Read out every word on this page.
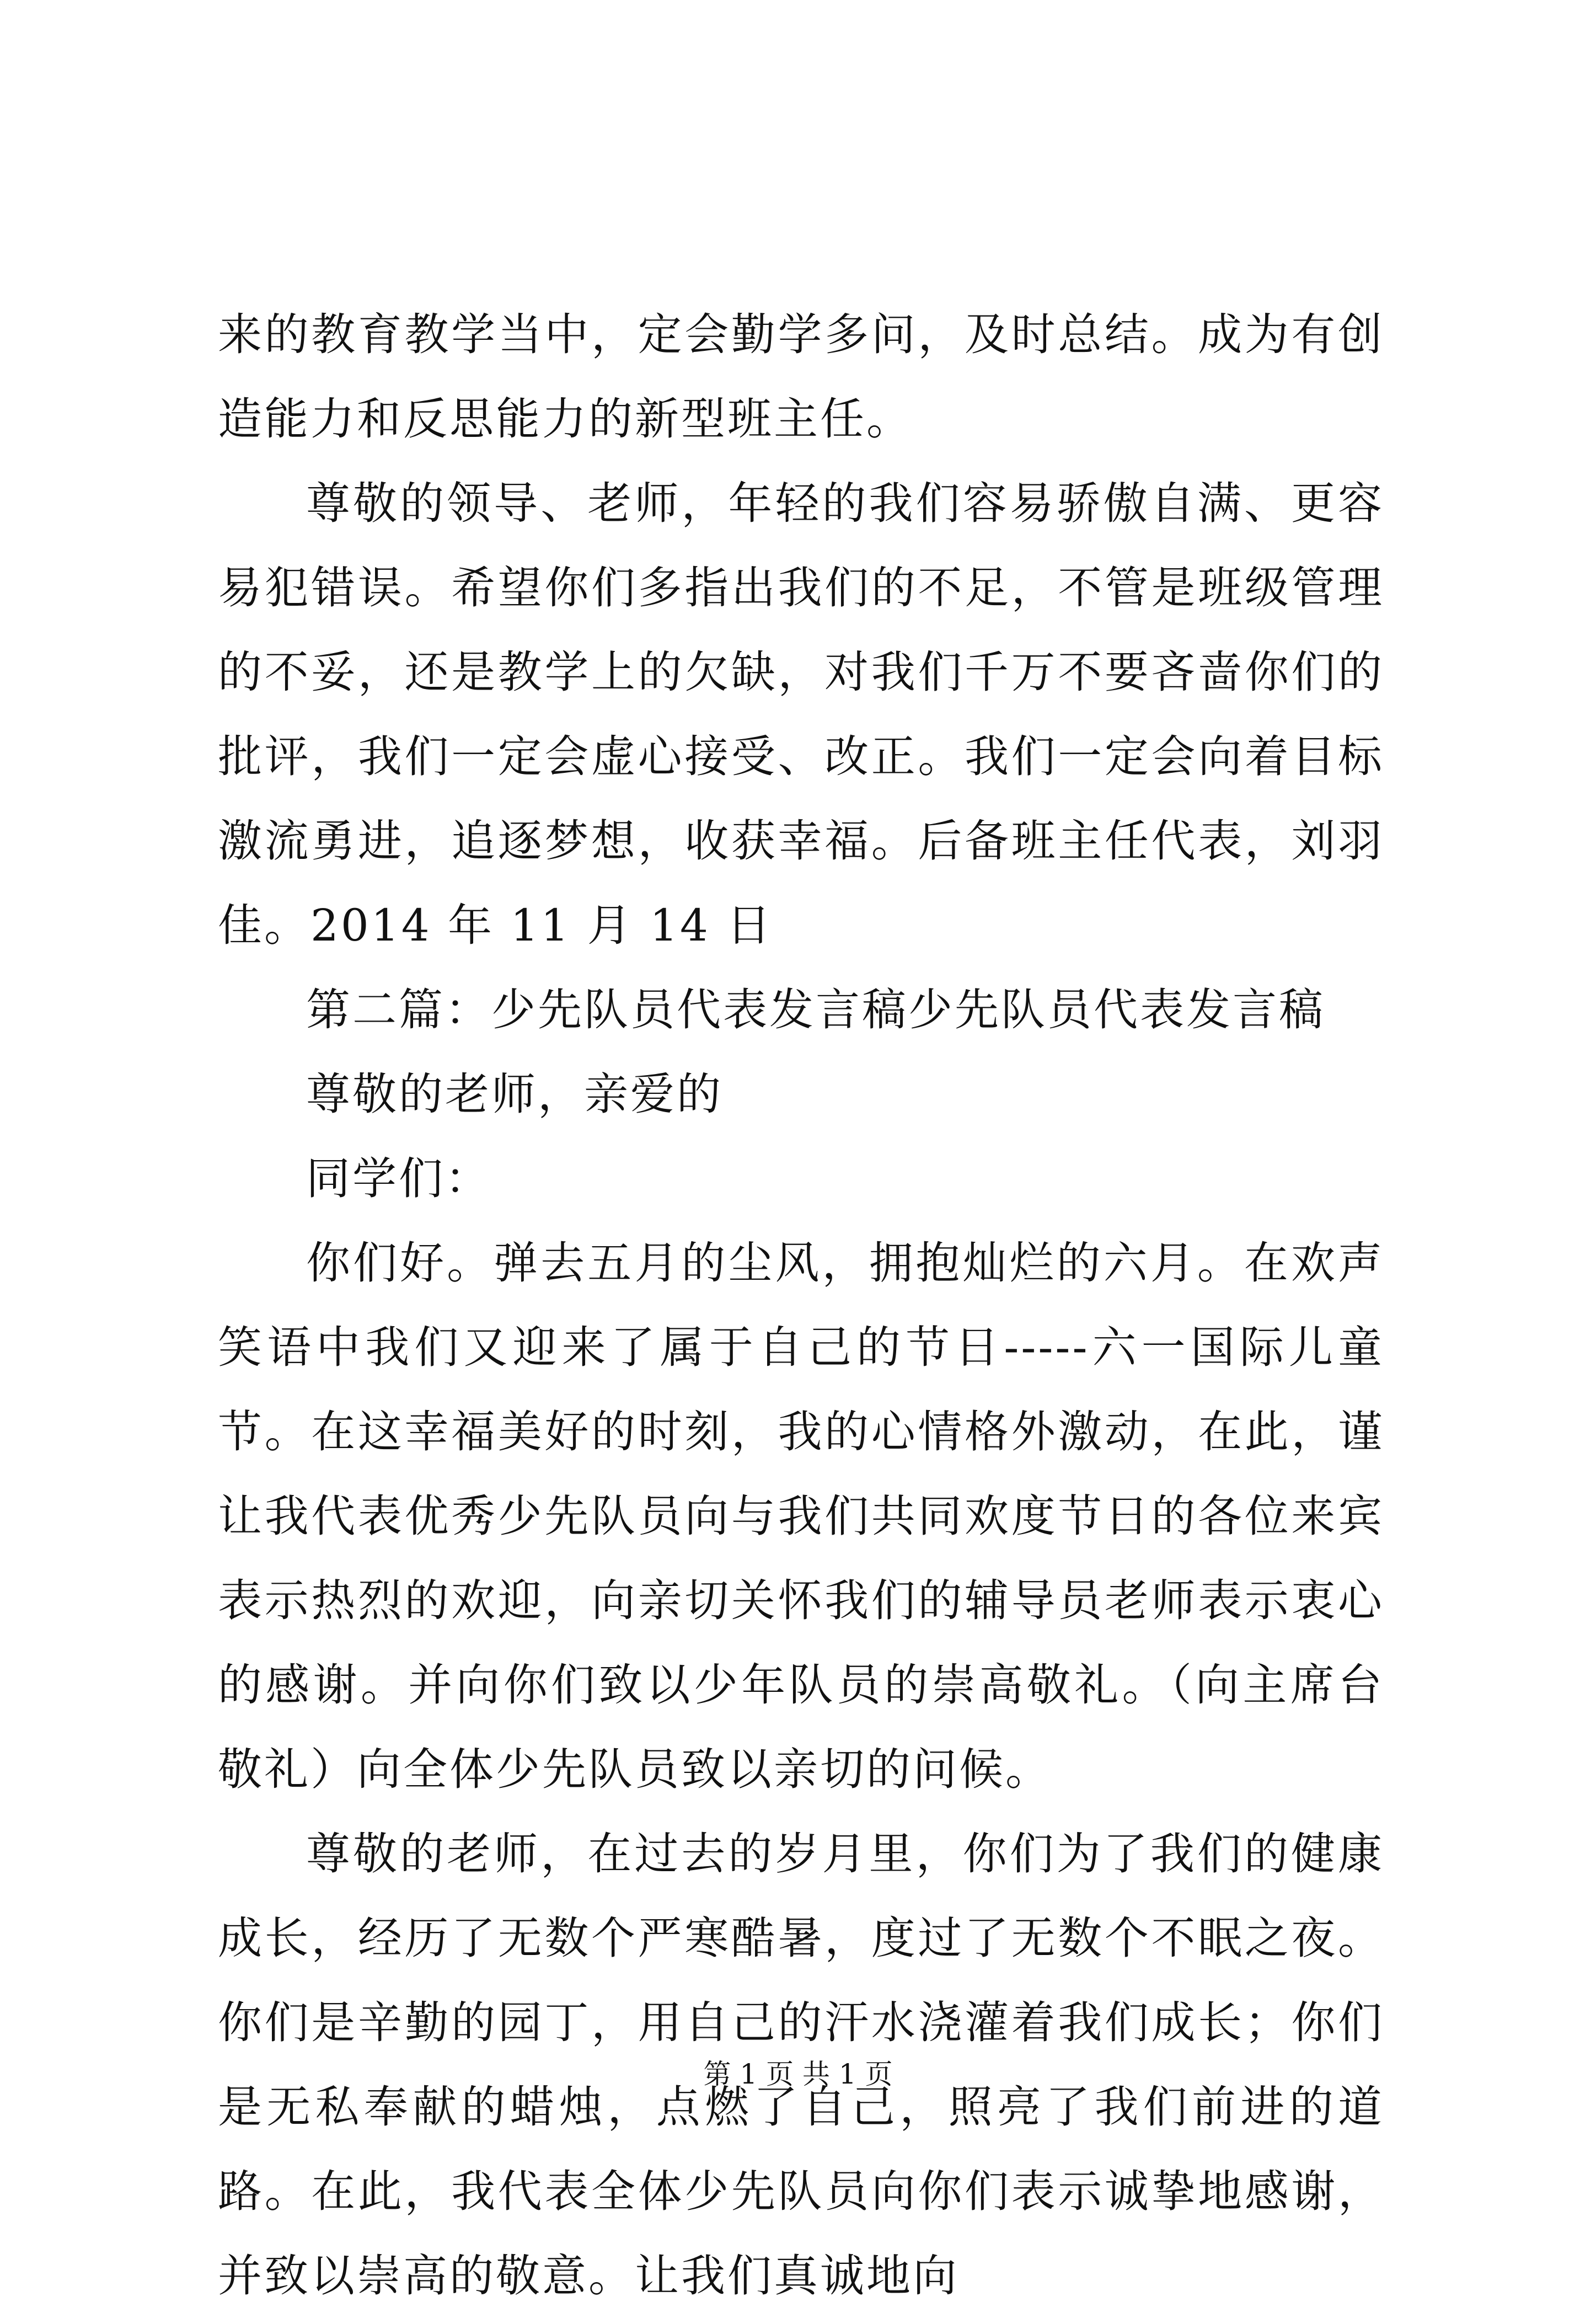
来的教育教学当中，定会勤学多问，及时总结。成为有创造能力和反思能力的新型班主任。

尊敬的领导、老师，年轻的我们容易骄傲自满、更容易犯错误。希望你们多指出我们的不足，不管是班级管理的不妥，还是教学上的欠缺，对我们千万不要吝啬你们的批评，我们一定会虚心接受、改正。我们一定会向着目标激流勇进，追逐梦想，收获幸福。后备班主任代表，刘羽佳。2014 年 11 月 14 日

第二篇：少先队员代表发言稿少先队员代表发言稿

尊敬的老师，亲爱的

同学们：

你们好。弹去五月的尘风，拥抱灿烂的六月。在欢声笑语中我们又迎来了属于自己的节日-----六一国际儿童节。在这幸福美好的时刻，我的心情格外激动，在此，谨让我代表优秀少先队员向与我们共同欢度节日的各位来宾表示热烈的欢迎，向亲切关怀我们的辅导员老师表示衷心的感谢。并向你们致以少年队员的崇高敬礼。（向主席台敬礼）向全体少先队员致以亲切的问候。

尊敬的老师，在过去的岁月里，你们为了我们的健康成长，经历了无数个严寒酷暑，度过了无数个不眠之夜。你们是辛勤的园丁，用自己的汗水浇灌着我们成长；你们是无私奉献的蜡烛，点燃了自己，照亮了我们前进的道路。在此，我代表全体少先队员向你们表示诚挚地感谢，并致以崇高的敬意。让我们真诚地向

第 1 页 共 1 页
